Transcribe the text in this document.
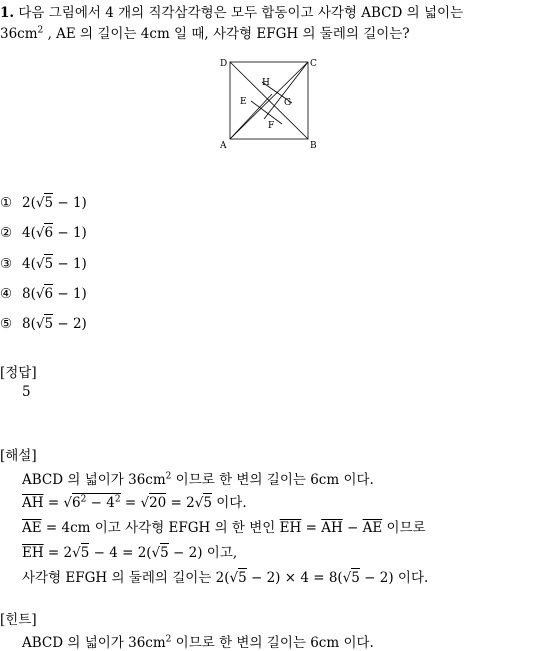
1. 다음 그림에서 4 개의 직각삼각형은 모두 합동이고 사각형 ABCD 의 넓이는
$36cm^2$ , AE 의 길이는 4cm 일 때, 사각형 EFGH 의 둘레의 길이는?
A	B
C
D
E
F
G
H
① 2(√5 − 1)
② 4(√6 − 1)
③ 4(√5 − 1)
④ 8(√6 − 1)
⑤ 8(√5 − 2)
[정답]
5
[해설]
ABCD 의 넓이가 $36cm^2$ 이므로 한 변의 길이는 6cm 이다.
$\overline{AH} = √6^2 - 4^2 = √20 = 2√5$ 이다.
$\overline{AE} = 4cm$ 이고 사각형 EFGH 의 한 변인 $\overline{EH} = \overline{AH} - \overline{AE}$ 이므로
$\overline{EH} = 2√5 - 4 = 2(√5 - 2)$ 이고,
사각형 EFGH 의 둘레의 길이는 2(√5 − 2) × 4 = 8(√5 − 2) 이다.
[힌트]
ABCD 의 넓이가 $36cm^2$ 이므로 한 변의 길이는 6cm 이다.
